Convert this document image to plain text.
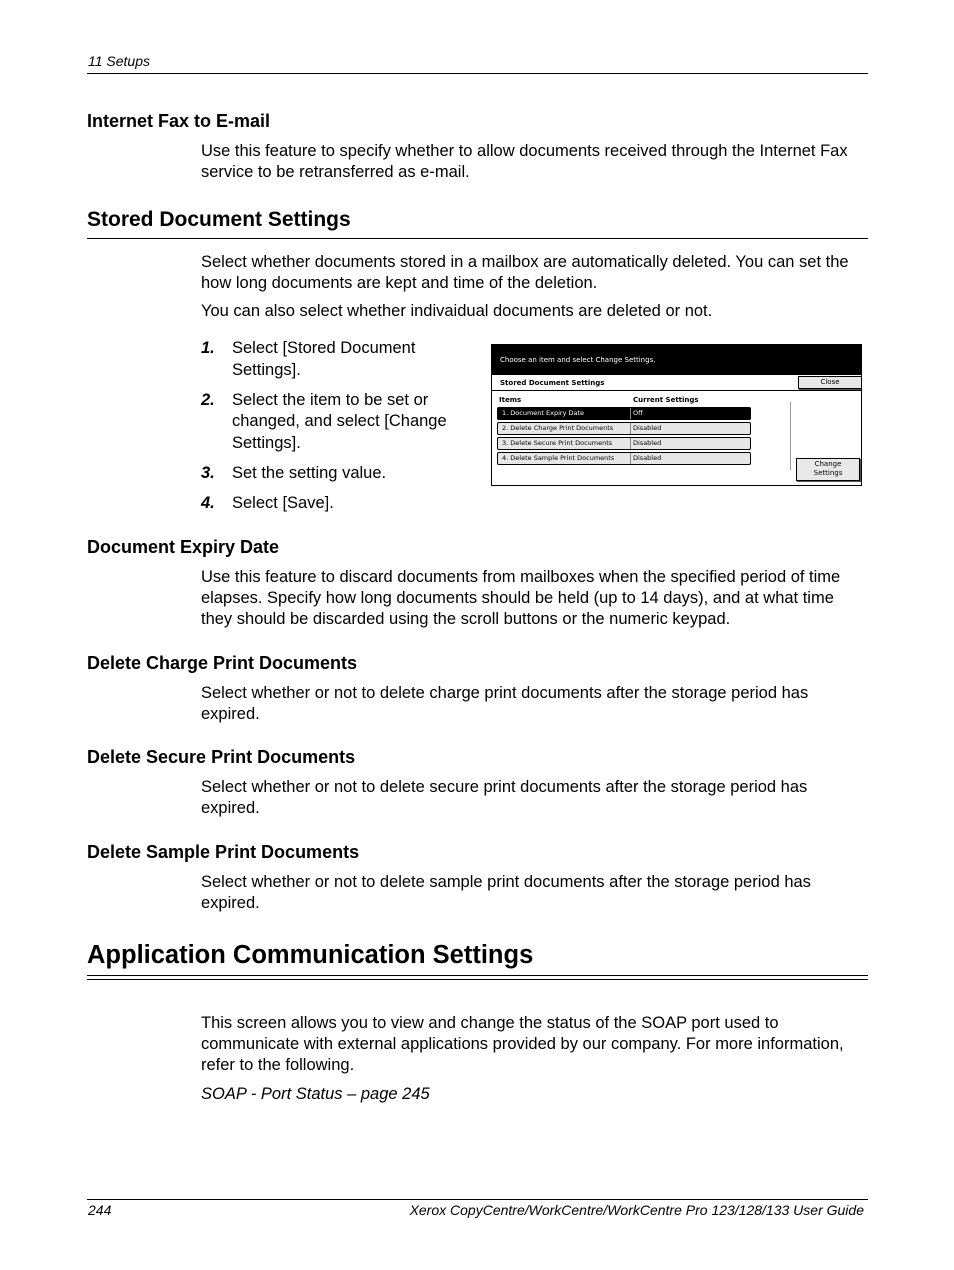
11 Setups
Internet Fax to E-mail

Use this feature to specify whether to allow documents received through the Internet Fax service to be retransferred as e-mail.

Stored Document Settings

Select whether documents stored in a mailbox are automatically deleted. You can set the how long documents are kept and time of the deletion.

You can also select whether indivaidual documents are deleted or not.

1. Select [Stored Document Settings].
2. Select the item to be set or changed, and select [Change Settings].
3. Set the setting value.
4. Select [Save].
Choose an item and select Change Settings.
Stored Document Settings	Close
Items	Current Settings
1. Document Expiry Date	Off
2. Delete Charge Print Documents	Disabled
3. Delete Secure Print Documents	Disabled
4. Delete Sample Print Documents	Disabled
Change
Settings
Document Expiry Date

Use this feature to discard documents from mailboxes when the specified period of time elapses. Specify how long documents should be held (up to 14 days), and at what time they should be discarded using the scroll buttons or the numeric keypad.

Delete Charge Print Documents

Select whether or not to delete charge print documents after the storage period has expired.

Delete Secure Print Documents

Select whether or not to delete secure print documents after the storage period has expired.

Delete Sample Print Documents

Select whether or not to delete sample print documents after the storage period has expired.

Application Communication Settings

This screen allows you to view and change the status of the SOAP port used to communicate with external applications provided by our company. For more information, refer to the following.

SOAP - Port Status – page 245

244	Xerox CopyCentre/WorkCentre/WorkCentre Pro 123/128/133 User Guide
